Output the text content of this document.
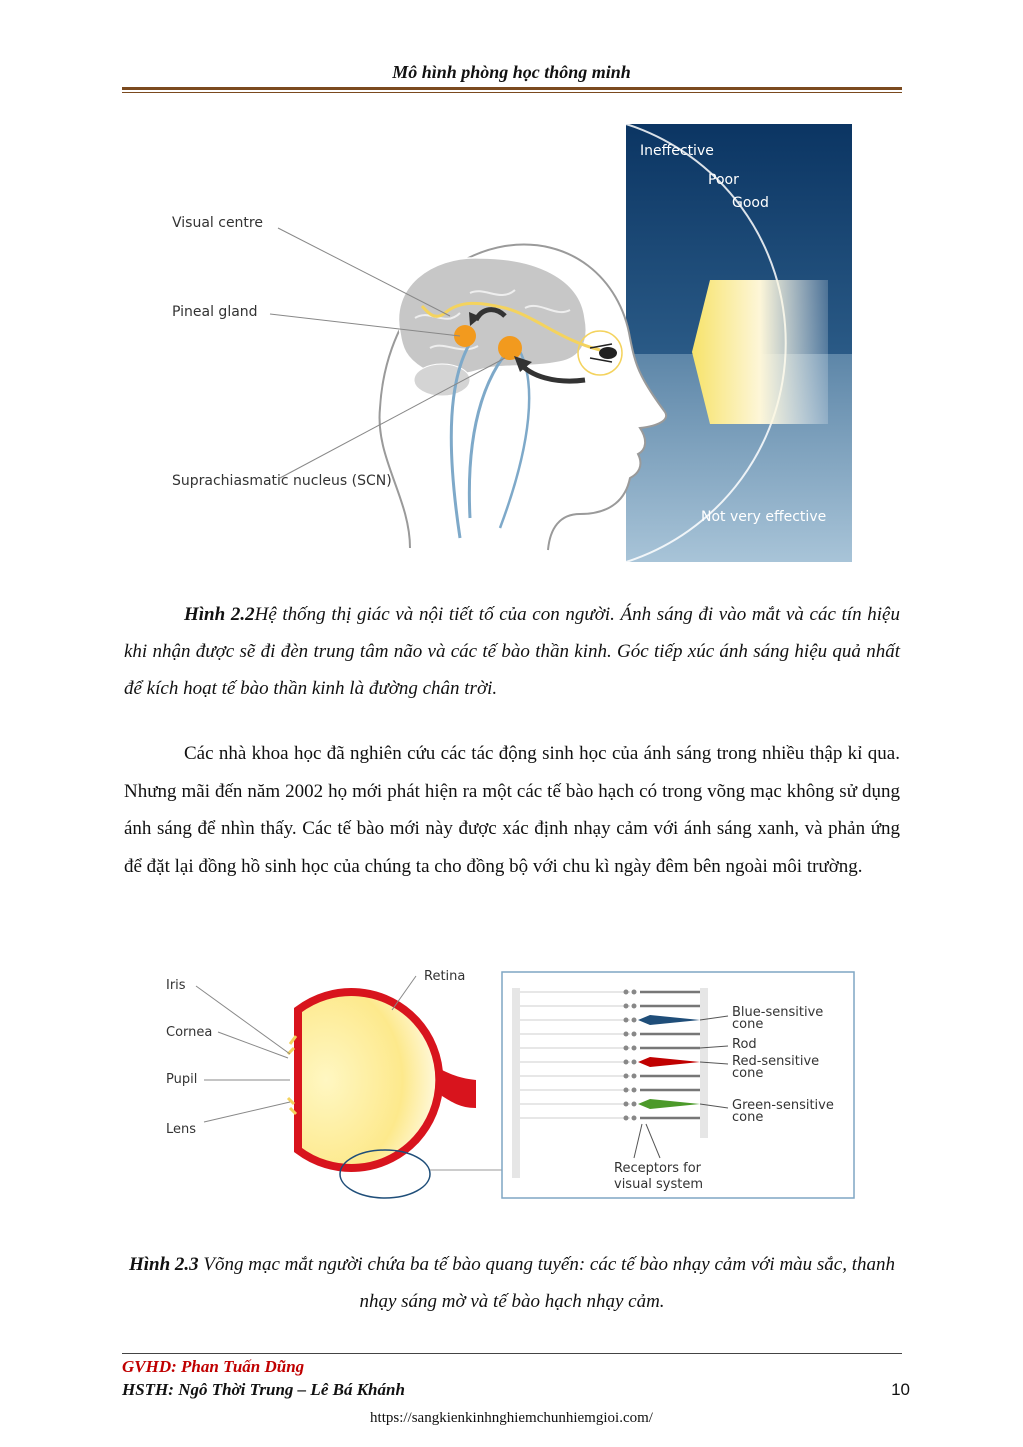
Mô hình phòng học thông minh
Visual centre
Pineal gland
Suprachiasmatic nucleus (SCN)
Ineffective
Poor
Good
Not very effective
Hình 2.2Hệ thống thị giác và nội tiết tố của con người. Ánh sáng đi vào mắt và các tín hiệu khi nhận được sẽ đi đèn trung tâm não và các tế bào thần kinh. Góc tiếp xúc ánh sáng hiệu quả nhất để kích hoạt tế bào thần kinh là đường chân trời.
Các nhà khoa học đã nghiên cứu các tác động sinh học của ánh sáng trong nhiều thập kỉ qua. Nhưng mãi đến năm 2002 họ mới phát hiện ra một các tế bào hạch có trong võng mạc không sử dụng ánh sáng để nhìn thấy. Các tế bào mới này được xác định nhạy cảm với ánh sáng xanh, và phản ứng để đặt lại đồng hồ sinh học của chúng ta cho đồng bộ với chu kì ngày đêm bên ngoài môi trường.
Iris
Cornea
Pupil
Lens
Retina
Blue-sensitive
cone
Rod
Red-sensitive
cone
Green-sensitive
cone
Receptors for
visual system
Hình 2.3 Võng mạc mắt người chứa ba tế bào quang tuyến: các tế bào nhạy cảm với màu sắc, thanh nhạy sáng mờ và tế bào hạch nhạy cảm.
GVHD: Phan Tuấn Dũng
HSTH: Ngô Thời Trung – Lê Bá Khánh	10
https://sangkienkinhnghiemchunhiemgioi.com/
